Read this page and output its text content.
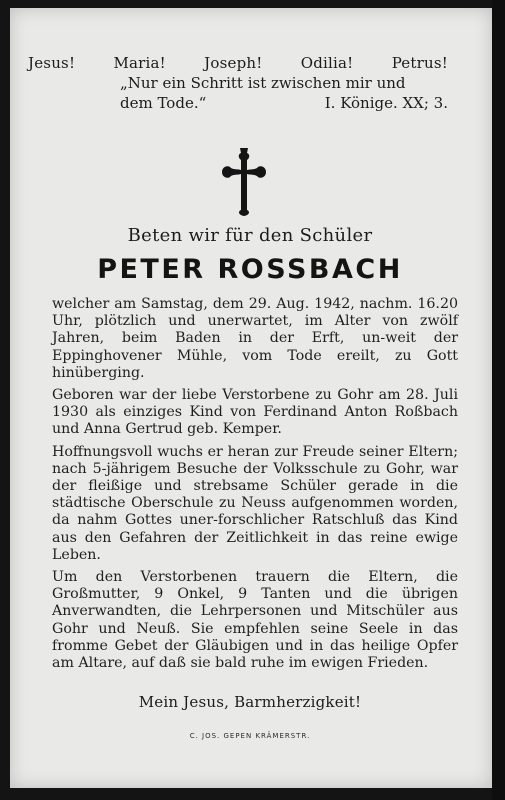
Jesus!	Maria!	Joseph!	Odilia!	Petrus!
„Nur ein Schritt ist zwischen mir und
dem Tode.“	I. Könige. XX; 3.
Beten wir für den Schüler
PETER ROSSBACH

welcher am Samstag, dem 29. Aug. 1942, nachm. 16.20 Uhr, plötzlich und unerwartet, im Alter von zwölf Jahren, beim Baden in der Erft, un-weit der Eppinghovener Mühle, vom Tode ereilt, zu Gott hinüberging.

Geboren war der liebe Verstorbene zu Gohr am 28. Juli 1930 als einziges Kind von Ferdinand Anton Roßbach und Anna Gertrud geb. Kemper.

Hoffnungsvoll wuchs er heran zur Freude seiner Eltern; nach 5-jährigem Besuche der Volksschule zu Gohr, war der fleißige und strebsame Schüler gerade in die städtische Oberschule zu Neuss aufgenommen worden, da nahm Gottes uner-forschlicher Ratschluß das Kind aus den Gefahren der Zeitlichkeit in das reine ewige Leben.

Um den Verstorbenen trauern die Eltern, die Großmutter, 9 Onkel, 9 Tanten und die übrigen Anverwandten, die Lehrpersonen und Mitschüler aus Gohr und Neuß. Sie empfehlen seine Seele in das fromme Gebet der Gläubigen und in das heilige Opfer am Altare, auf daß sie bald ruhe im ewigen Frieden.

Mein Jesus, Barmherzigkeit!
C. JOS. GEPEN KRÄMERSTR.
